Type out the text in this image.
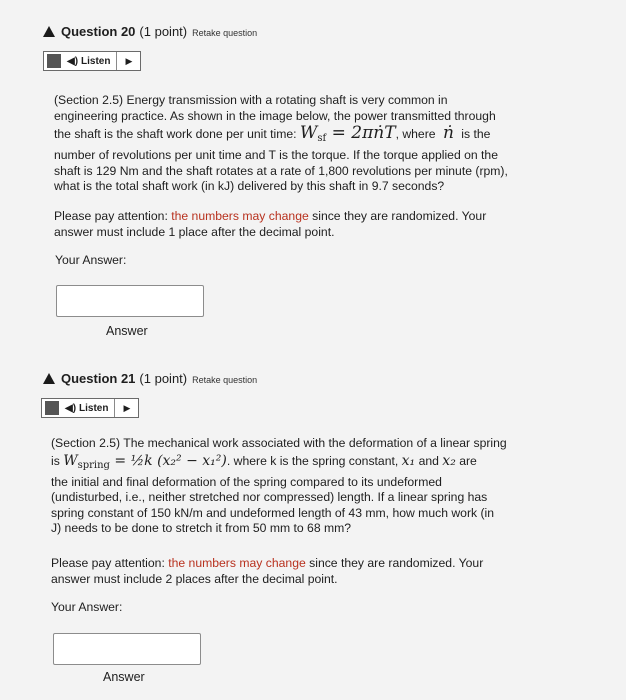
Question 20 (1 point) Retake question
◀) Listen	▶
(Section 2.5) Energy transmission with a rotating shaft is very common in
engineering practice. As shown in the image below, the power transmitted through
the shaft is the shaft work done per unit time: $W_{sf}$ = 2πṅT, where ṅ is the
number of revolutions per unit time and T is the torque. If the torque applied on the
shaft is 129 Nm and the shaft rotates at a rate of 1,800 revolutions per minute (rpm),
what is the total shaft work (in kJ) delivered by this shaft in 9.7 seconds?
Please pay attention: the numbers may change since they are randomized. Your
answer must include 1 place after the decimal point.
Your Answer:
Answer
Question 21 (1 point) Retake question
◀) Listen	▶
(Section 2.5) The mechanical work associated with the deformation of a linear spring
is $W_{spring}$ = ½k (x₂² − x₁²). where k is the spring constant, x₁ and x₂ are
the initial and final deformation of the spring compared to its undeformed
(undisturbed, i.e., neither stretched nor compressed) length. If a linear spring has
spring constant of 150 kN/m and undeformed length of 43 mm, how much work (in
J) needs to be done to stretch it from 50 mm to 68 mm?
Please pay attention: the numbers may change since they are randomized. Your
answer must include 2 places after the decimal point.
Your Answer:
Answer
